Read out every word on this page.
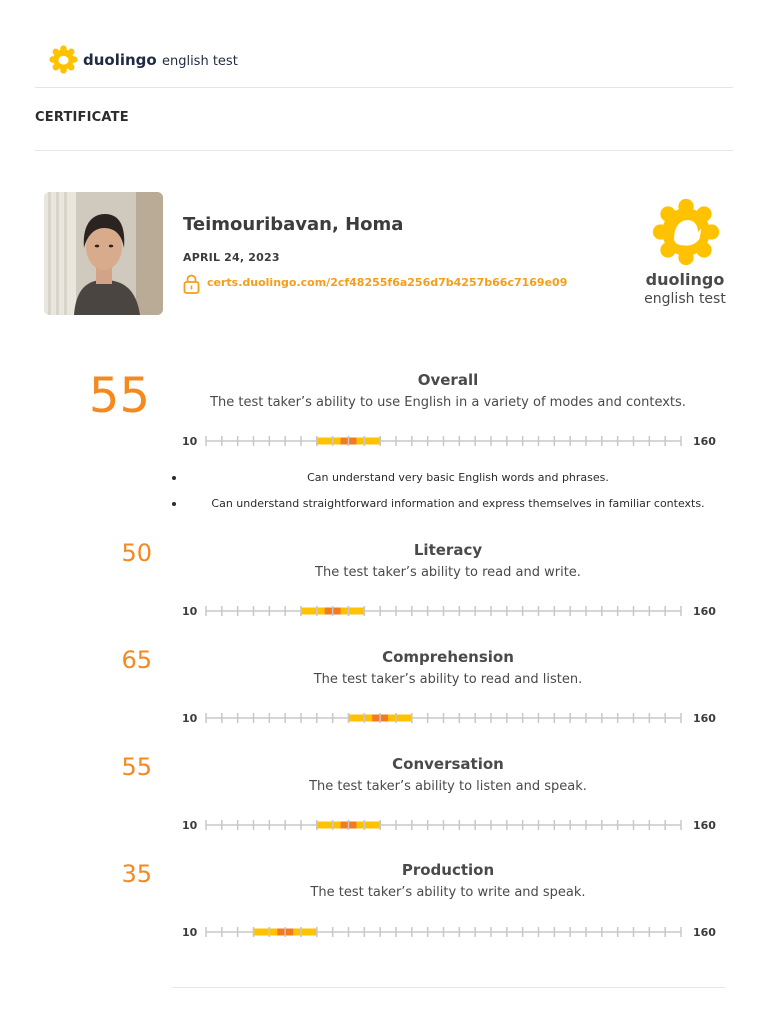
duolingo english test
CERTIFICATE
Teimouribavan, Homa
APRIL 24, 2023
certs.duolingo.com/2cf48255f6a256d7b4257b66c7169e09	duolingo
english test
55	Overall
The test taker’s ability to use English in a variety of modes and contexts.
10	160
Can understand very basic English words and phrases.
Can understand straightforward information and express themselves in familiar contexts.
50	Literacy
The test taker’s ability to read and write.
10	160
65	Comprehension
The test taker’s ability to read and listen.
10	160
55	Conversation
The test taker’s ability to listen and speak.
10	160
35	Production
The test taker’s ability to write and speak.
10	160
